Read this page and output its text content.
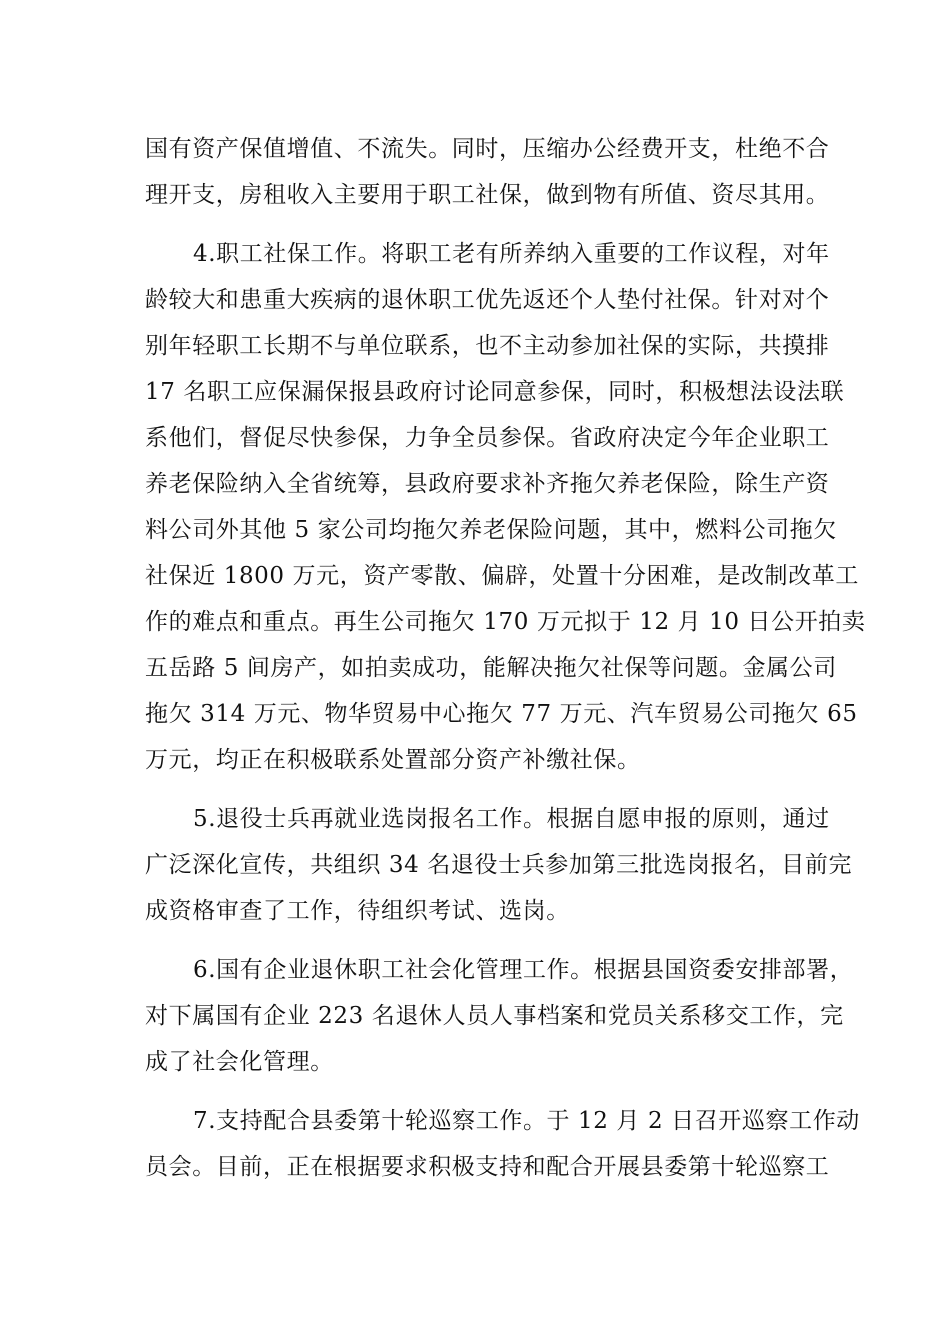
国有资产保值增值、不流失。同时，压缩办公经费开支，杜绝不合
理开支，房租收入主要用于职工社保，做到物有所值、资尽其用。
4.职工社保工作。将职工老有所养纳入重要的工作议程，对年
龄较大和患重大疾病的退休职工优先返还个人垫付社保。针对对个
别年轻职工长期不与单位联系，也不主动参加社保的实际，共摸排
17 名职工应保漏保报县政府讨论同意参保，同时，积极想法设法联
系他们，督促尽快参保，力争全员参保。省政府决定今年企业职工
养老保险纳入全省统筹，县政府要求补齐拖欠养老保险，除生产资
料公司外其他 5 家公司均拖欠养老保险问题，其中，燃料公司拖欠
社保近 1800 万元，资产零散、偏辟，处置十分困难，是改制改革工
作的难点和重点。再生公司拖欠 170 万元拟于 12 月 10 日公开拍卖
五岳路 5 间房产，如拍卖成功，能解决拖欠社保等问题。金属公司
拖欠 314 万元、物华贸易中心拖欠 77 万元、汽车贸易公司拖欠 65
万元，均正在积极联系处置部分资产补缴社保。
5.退役士兵再就业选岗报名工作。根据自愿申报的原则，通过
广泛深化宣传，共组织 34 名退役士兵参加第三批选岗报名，目前完
成资格审查了工作，待组织考试、选岗。
6.国有企业退休职工社会化管理工作。根据县国资委安排部署，
对下属国有企业 223 名退休人员人事档案和党员关系移交工作，完
成了社会化管理。
7.支持配合县委第十轮巡察工作。于 12 月 2 日召开巡察工作动
员会。目前，正在根据要求积极支持和配合开展县委第十轮巡察工
